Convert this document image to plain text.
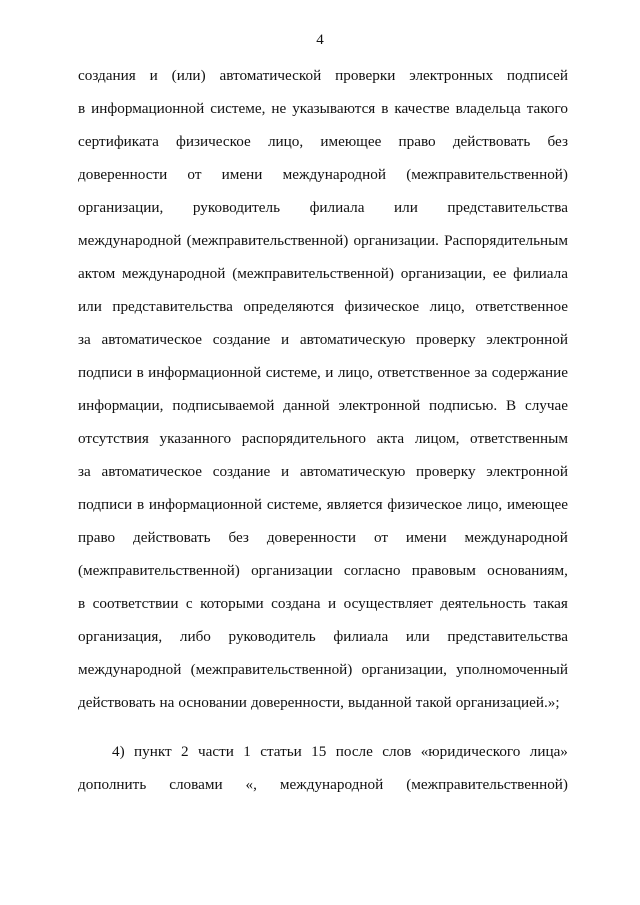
4
создания и (или) автоматической проверки электронных подписей
в информационной системе, не указываются в качестве владельца такого
сертификата физическое лицо, имеющее право действовать без
доверенности от имени международной (межправительственной)
организации, руководитель филиала или представительства
международной (межправительственной) организации. Распорядительным
актом международной (межправительственной) организации, ее филиала
или представительства определяются физическое лицо, ответственное
за автоматическое создание и автоматическую проверку электронной
подписи в информационной системе, и лицо, ответственное за содержание
информации, подписываемой данной электронной подписью. В случае
отсутствия указанного распорядительного акта лицом, ответственным
за автоматическое создание и автоматическую проверку электронной
подписи в информационной системе, является физическое лицо, имеющее
право действовать без доверенности от имени международной
(межправительственной) организации согласно правовым основаниям,
в соответствии с которыми создана и осуществляет деятельность такая
организация, либо руководитель филиала или представительства
международной (межправительственной) организации, уполномоченный
действовать на основании доверенности, выданной такой организацией.»;
4) пункт 2 части 1 статьи 15 после слов «юридического лица»
дополнить словами «, международной (межправительственной)
